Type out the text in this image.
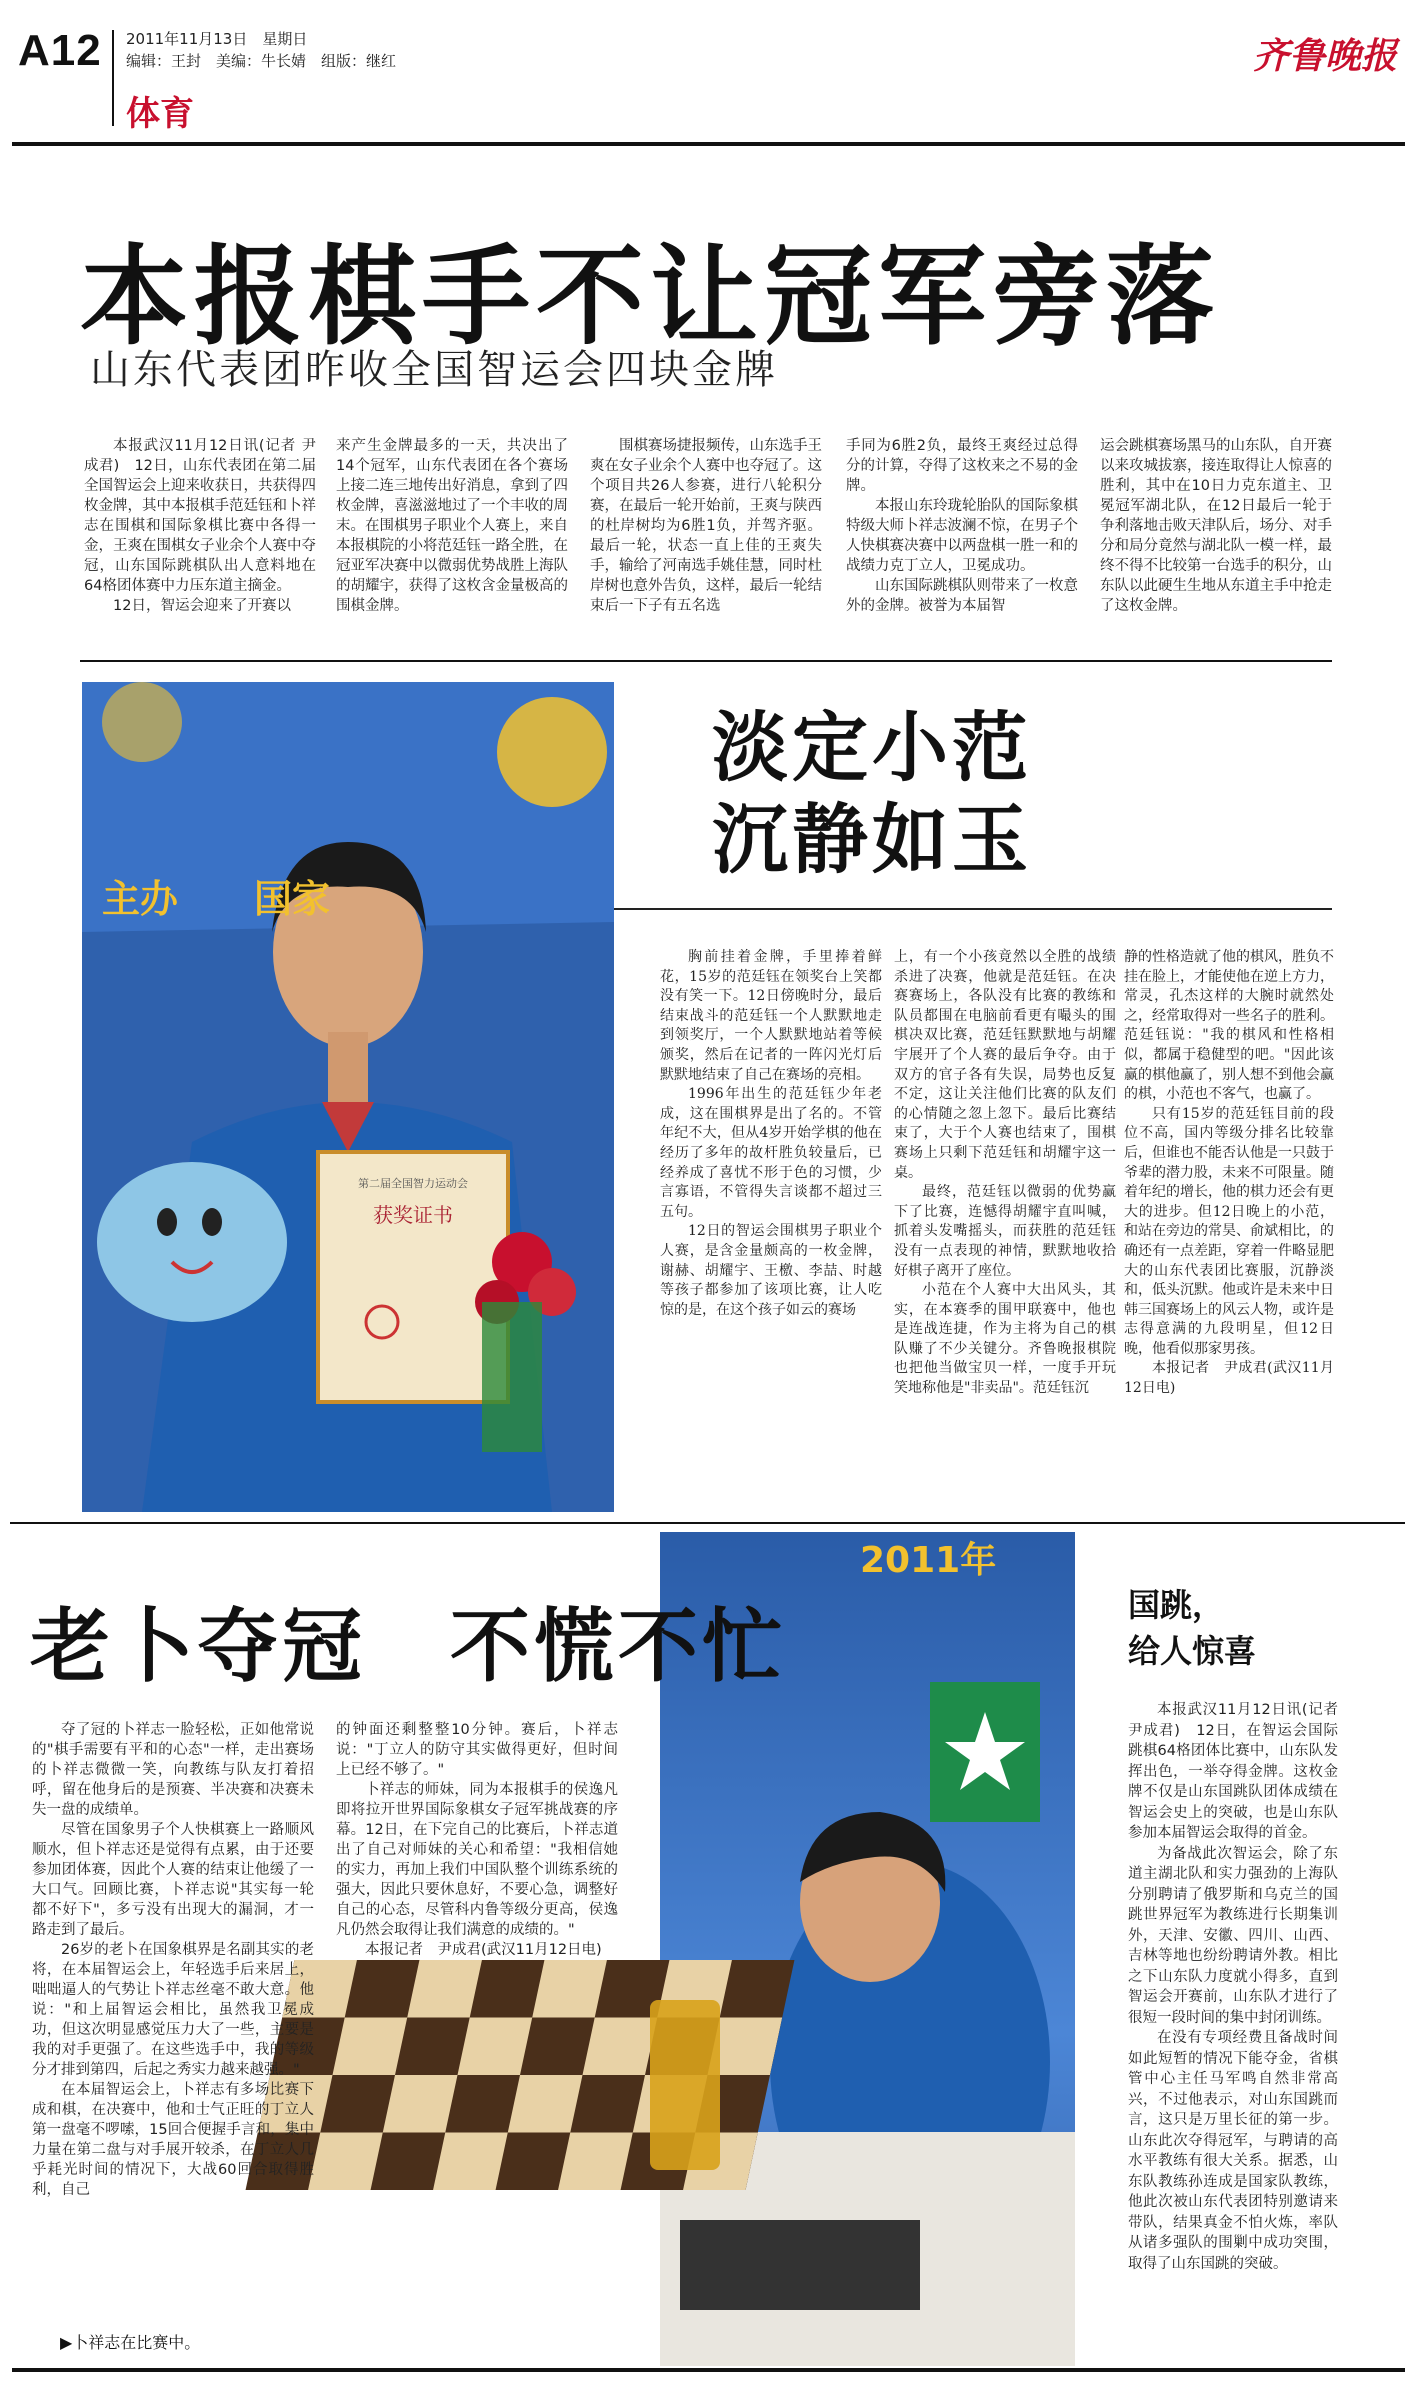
A12 2011年11月13日　星期日
编辑：王封　美编：牛长婧　组版：继红
体育
齐鲁晚报
本报棋手不让冠军旁落
山东代表团昨收全国智运会四块金牌

本报武汉11月12日讯(记者 尹成君)　12日，山东代表团在第二届全国智运会上迎来收获日，共获得四枚金牌，其中本报棋手范廷钰和卜祥志在围棋和国际象棋比赛中各得一金，王爽在围棋女子业余个人赛中夺冠，山东国际跳棋队出人意料地在64格团体赛中力压东道主摘金。

12日，智运会迎来了开赛以

来产生金牌最多的一天，共决出了14个冠军，山东代表团在各个赛场上接二连三地传出好消息，拿到了四枚金牌，喜滋滋地过了一个丰收的周末。在围棋男子职业个人赛上，来自本报棋院的小将范廷钰一路全胜，在冠亚军决赛中以微弱优势战胜上海队的胡耀宇，获得了这枚含金量极高的围棋金牌。

围棋赛场捷报频传，山东选手王爽在女子业余个人赛中也夺冠了。这个项目共26人参赛，进行八轮积分赛，在最后一轮开始前，王爽与陕西的杜岸树均为6胜1负，并驾齐驱。最后一轮，状态一直上佳的王爽失手，输给了河南选手姚佳慧，同时杜岸树也意外告负，这样，最后一轮结束后一下子有五名选

手同为6胜2负，最终王爽经过总得分的计算，夺得了这枚来之不易的金牌。

本报山东玲珑轮胎队的国际象棋特级大师卜祥志波澜不惊，在男子个人快棋赛决赛中以两盘棋一胜一和的战绩力克丁立人，卫冕成功。

山东国际跳棋队则带来了一枚意外的金牌。被誉为本届智

运会跳棋赛场黑马的山东队，自开赛以来攻城拔寨，接连取得让人惊喜的胜利，其中在10日力克东道主、卫冕冠军湖北队，在12日最后一轮于争利落地击败天津队后，场分、对手分和局分竟然与湖北队一模一样，最终不得不比较第一台选手的积分，山东队以此硬生生地从东道主手中抢走了这枚金牌。

第二届全国智力运动会
获奖证书
主办　　国家
淡定小范
沉静如玉

胸前挂着金牌，手里捧着鲜花，15岁的范廷钰在领奖台上笑都没有笑一下。12日傍晚时分，最后结束战斗的范廷钰一个人默默地走到领奖厅，一个人默默地站着等候颁奖，然后在记者的一阵闪光灯后默默地结束了自己在赛场的亮相。

1996年出生的范廷钰少年老成，这在围棋界是出了名的。不管年纪不大，但从4岁开始学棋的他在经历了多年的故杆胜负较量后，已经养成了喜忧不形于色的习惯，少言寡语，不管得失言谈都不超过三五句。

12日的智运会围棋男子职业个人赛，是含金量颇高的一枚金牌，谢赫、胡耀宇、王檄、李喆、时越等孩子都参加了该项比赛，让人吃惊的是，在这个孩子如云的赛场

上，有一个小孩竟然以全胜的战绩杀进了决赛，他就是范廷钰。在决赛赛场上，各队没有比赛的教练和队员都围在电脑前看更有嘬头的围棋决双比赛，范廷钰默默地与胡耀宇展开了个人赛的最后争夺。由于双方的官子各有失误，局势也反复不定，这让关注他们比赛的队友们的心情随之忽上忽下。最后比赛结束了，大于个人赛也结束了，围棋赛场上只剩下范廷钰和胡耀宇这一桌。

最终，范廷钰以微弱的优势赢下了比赛，连憾得胡耀宇直叫喊，抓着头发嘴摇头，而获胜的范廷钰没有一点表现的神情，默默地收拾好棋子离开了座位。

小范在个人赛中大出风头，其实，在本赛季的围甲联赛中，他也是连战连捷，作为主将为自己的棋队赚了不少关键分。齐鲁晚报棋院也把他当做宝贝一样，一度手开玩笑地称他是"非卖品"。范廷钰沉

静的性格造就了他的棋风，胜负不挂在脸上，才能使他在逆上方力，常灵，孔杰这样的大腕时就然处之，经常取得对一些名子的胜利。范廷钰说："我的棋风和性格相似，都属于稳健型的吧。"因此该赢的棋他赢了，别人想不到他会赢的棋，小范也不客气，也赢了。

只有15岁的范廷钰目前的段位不高，国内等级分排名比较靠后，但谁也不能否认他是一只鼓于爷辈的潜力股，未来不可限量。随着年纪的增长，他的棋力还会有更大的进步。但12日晚上的小范，和站在旁边的常昊、俞斌相比，的确还有一点差距，穿着一件略显肥大的山东代表团比赛服，沉静淡和，低头沉默。他或许是未来中日韩三国赛场上的风云人物，或许是志得意满的九段明星，但12日晚，他看似那家男孩。

本报记者　尹成君(武汉11月12日电)

2011年
老卜夺冠　不慌不忙

夺了冠的卜祥志一脸轻松，正如他常说的"棋手需要有平和的心态"一样，走出赛场的卜祥志微微一笑，向教练与队友打着招呼，留在他身后的是预赛、半决赛和决赛未失一盘的成绩单。

尽管在国象男子个人快棋赛上一路顺风顺水，但卜祥志还是觉得有点累，由于还要参加团体赛，因此个人赛的结束让他缓了一大口气。回顾比赛，卜祥志说"其实每一轮都不好下"，多亏没有出现大的漏洞，才一路走到了最后。

26岁的老卜在国象棋界是名副其实的老将，在本届智运会上，年轻选手后来居上，咄咄逼人的气势让卜祥志丝毫不敢大意。他说："和上届智运会相比，虽然我卫冕成功，但这次明显感觉压力大了一些，主要是我的对手更强了。在这些选手中，我的等级分才排到第四，后起之秀实力越来越强。"

在本届智运会上，卜祥志有多场比赛下成和棋，在决赛中，他和士气正旺的丁立人第一盘毫不啰嗦，15回合便握手言和，集中力量在第二盘与对手展开较杀，在丁立人几乎耗光时间的情况下，大战60回合取得胜利，自己

的钟面还剩整整10分钟。赛后，卜祥志说："丁立人的防守其实做得更好，但时间上已经不够了。"

卜祥志的师妹，同为本报棋手的侯逸凡即将拉开世界国际象棋女子冠军挑战赛的序幕。12日，在下完自己的比赛后，卜祥志道出了自己对师妹的关心和希望："我相信她的实力，再加上我们中国队整个训练系统的强大，因此只要休息好，不要心急，调整好自己的心态，尽管科内鲁等级分更高，侯逸凡仍然会取得让我们满意的成绩的。"

本报记者　尹成君(武汉11月12日电)

▶卜祥志在比赛中。
国跳，
给人惊喜

本报武汉11月12日讯(记者　尹成君)　12日，在智运会国际跳棋64格团体比赛中，山东队发挥出色，一举夺得金牌。这枚金牌不仅是山东国跳队团体成绩在智运会史上的突破，也是山东队参加本届智运会取得的首金。

为备战此次智运会，除了东道主湖北队和实力强劲的上海队分别聘请了俄罗斯和乌克兰的国跳世界冠军为教练进行长期集训外，天津、安徽、四川、山西、吉林等地也纷纷聘请外教。相比之下山东队力度就小得多，直到智运会开赛前，山东队才进行了很短一段时间的集中封闭训练。

在没有专项经费且备战时间如此短暂的情况下能夺金，省棋管中心主任马军鸣自然非常高兴，不过他表示，对山东国跳而言，这只是万里长征的第一步。山东此次夺得冠军，与聘请的高水平教练有很大关系。据悉，山东队教练孙连成是国家队教练，他此次被山东代表团特别邀请来带队，结果真金不怕火炼，率队从诸多强队的围剿中成功突围，取得了山东国跳的突破。
